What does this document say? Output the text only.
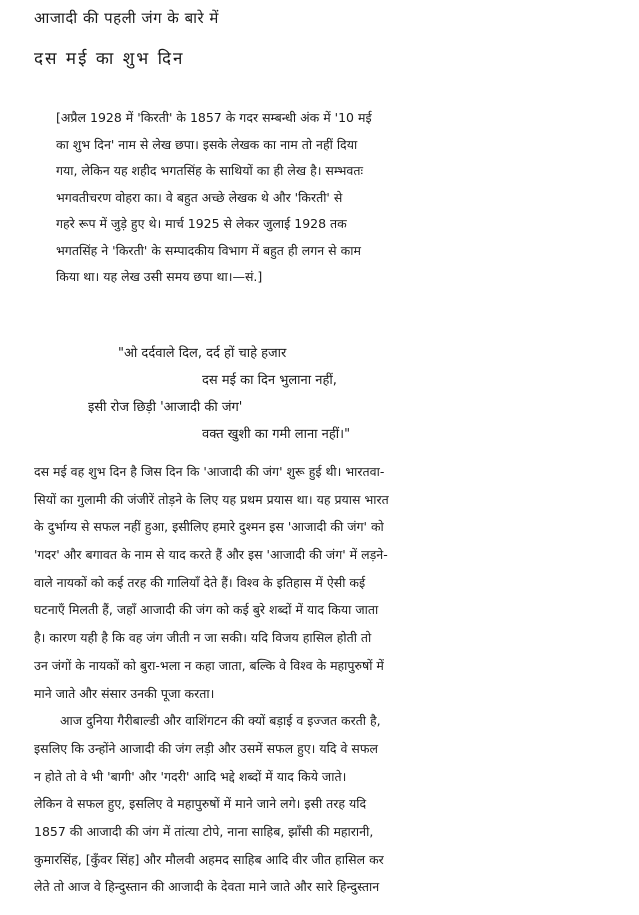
आजादी की पहली जंग के बारे में
दस मई का शुभ दिन
[अप्रैल 1928 में 'किरती' के 1857 के गदर सम्बन्धी अंक में '10 मई
का शुभ दिन' नाम से लेख छपा। इसके लेखक का नाम तो नहीं दिया
गया, लेकिन यह शहीद भगतसिंह के साथियों का ही लेख है। सम्भवतः
भगवतीचरण वोहरा का। वे बहुत अच्छे लेखक थे और 'किरती' से
गहरे रूप में जुड़े हुए थे। मार्च 1925 से लेकर जुलाई 1928 तक
भगतसिंह ने 'किरती' के सम्पादकीय विभाग में बहुत ही लगन से काम
किया था। यह लेख उसी समय छपा था।—सं.]
"ओ दर्दवाले दिल, दर्द हों चाहे हजार
दस मई का दिन भुलाना नहीं,
इसी रोज छिड़ी 'आजादी की जंग'
वक्त खुशी का गमी लाना नहीं।"
दस मई वह शुभ दिन है जिस दिन कि 'आजादी की जंग' शुरू हुई थी। भारतवा-
सियों का गुलामी की जंजीरें तोड़ने के लिए यह प्रथम प्रयास था। यह प्रयास भारत
के दुर्भाग्य से सफल नहीं हुआ, इसीलिए हमारे दुश्मन इस 'आजादी की जंग' को
'गदर' और बगावत के नाम से याद करते हैं और इस 'आजादी की जंग' में लड़ने-
वाले नायकों को कई तरह की गालियाँ देते हैं। विश्व के इतिहास में ऐसी कई
घटनाएँ मिलती हैं, जहाँ आजादी की जंग को कई बुरे शब्दों में याद किया जाता
है। कारण यही है कि वह जंग जीती न जा सकी। यदि विजय हासिल होती तो
उन जंगों के नायकों को बुरा-भला न कहा जाता, बल्कि वे विश्व के महापुरुषों में
माने जाते और संसार उनकी पूजा करता।
आज दुनिया गैरीबाल्डी और वाशिंगटन की क्यों बड़ाई व इज्जत करती है,
इसलिए कि उन्होंने आजादी की जंग लड़ी और उसमें सफल हुए। यदि वे सफल
न होते तो वे भी 'बागी' और 'गदरी' आदि भद्दे शब्दों में याद किये जाते।
लेकिन वे सफल हुए, इसलिए वे महापुरुषों में माने जाने लगे। इसी तरह यदि
1857 की आजादी की जंग में तांत्या टोपे, नाना साहिब, झाँसी की महारानी,
कुमारसिंह, [कुँवर सिंह] और मौलवी अहमद साहिब आदि वीर जीत हासिल कर
लेते तो आज वे हिन्दुस्तान की आजादी के देवता माने जाते और सारे हिन्दुस्तान
